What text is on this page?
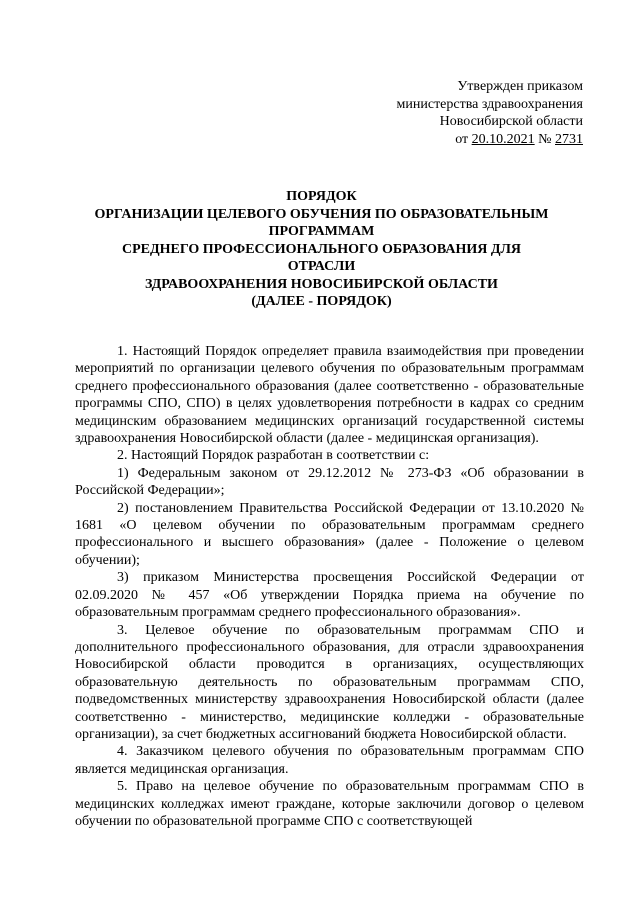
Утвержден приказом
министерства здравоохранения
Новосибирской области
от 20.10.2021 № 2731
ПОРЯДОК
ОРГАНИЗАЦИИ ЦЕЛЕВОГО ОБУЧЕНИЯ ПО ОБРАЗОВАТЕЛЬНЫМ
ПРОГРАММАМ
СРЕДНЕГО ПРОФЕССИОНАЛЬНОГО ОБРАЗОВАНИЯ ДЛЯ
ОТРАСЛИ
ЗДРАВООХРАНЕНИЯ НОВОСИБИРСКОЙ ОБЛАСТИ
(ДАЛЕЕ - ПОРЯДОК)

1. Настоящий Порядок определяет правила взаимодействия при проведении мероприятий по организации целевого обучения по образовательным программам среднего профессионального образования (далее соответственно - образовательные программы СПО, СПО) в целях удовлетворения потребности в кадрах со средним медицинским образованием медицинских организаций государственной системы здравоохранения Новосибирской области (далее - медицинская организация).

2. Настоящий Порядок разработан в соответствии с:

1) Федеральным законом от 29.12.2012 № 273-ФЗ «Об образовании в Российской Федерации»;

2) постановлением Правительства Российской Федерации от 13.10.2020 № 1681 «О целевом обучении по образовательным программам среднего профессионального и высшего образования» (далее - Положение о целевом обучении);

3) приказом Министерства просвещения Российской Федерации от 02.09.2020 № 457 «Об утверждении Порядка приема на обучение по образовательным программам среднего профессионального образования».

3. Целевое обучение по образовательным программам СПО и дополнительного профессионального образования, для отрасли здравоохранения Новосибирской области проводится в организациях, осуществляющих образовательную деятельность по образовательным программам СПО, подведомственных министерству здравоохранения Новосибирской области (далее соответственно - министерство, медицинские колледжи - образовательные организации), за счет бюджетных ассигнований бюджета Новосибирской области.

4. Заказчиком целевого обучения по образовательным программам СПО является медицинская организация.

5. Право на целевое обучение по образовательным программам СПО в медицинских колледжах имеют граждане, которые заключили договор о целевом обучении по образовательной программе СПО с соответствующей
